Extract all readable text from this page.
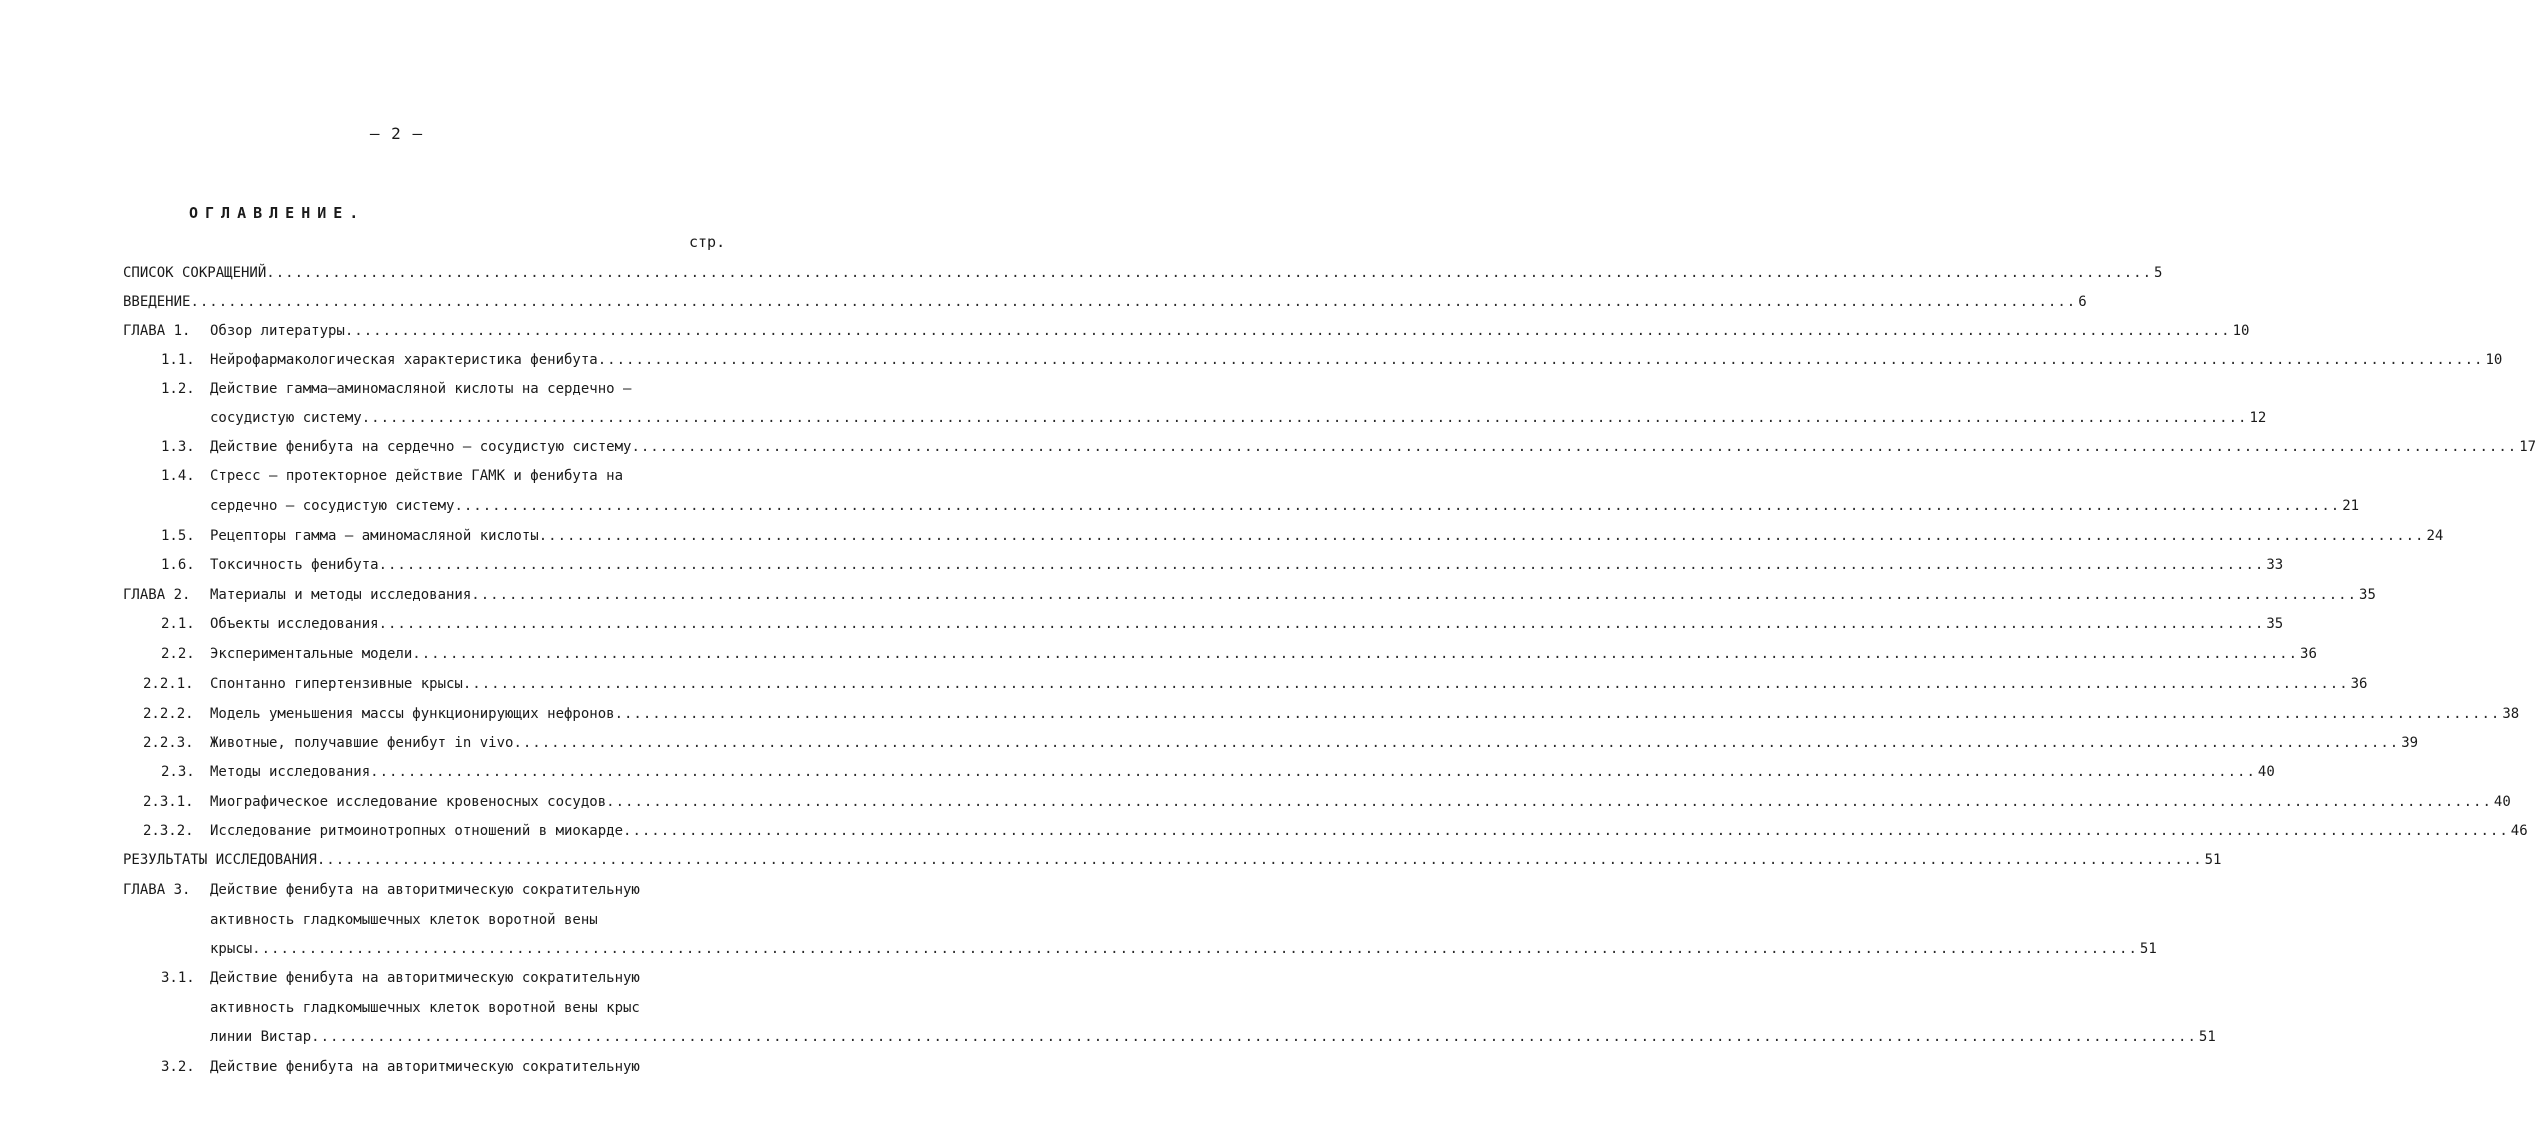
– 2 –
ОГЛАВЛЕНИЕ.
стр.
СПИСОК СОКРАЩЕНИЙ ........................................................................................................................................................................................................ 5
ВВЕДЕНИЕ ........................................................................................................................................................................................................ 6
ГЛАВА 1. Обзор литературы ........................................................................................................................................................................................................ 10
1.1. Нейрофармакологическая характеристика фенибута ........................................................................................................................................................................................................ 10
1.2. Действие гамма–аминомасляной кислоты на сердечно –
сосудистую систему ........................................................................................................................................................................................................ 12
1.3. Действие фенибута на сердечно – сосудистую систему ........................................................................................................................................................................................................ 17
1.4. Стресс – протекторное действие ГАМК и фенибута на
сердечно – сосудистую систему ........................................................................................................................................................................................................ 21
1.5. Рецепторы гамма – аминомасляной кислоты ........................................................................................................................................................................................................ 24
1.6. Токсичность фенибута ........................................................................................................................................................................................................ 33
ГЛАВА 2. Материалы и методы исследования ........................................................................................................................................................................................................ 35
2.1. Объекты исследования ........................................................................................................................................................................................................ 35
2.2. Экспериментальные модели ........................................................................................................................................................................................................ 36
2.2.1. Спонтанно гипертензивные крысы ........................................................................................................................................................................................................ 36
2.2.2. Модель уменьшения массы функционирующих нефронов ........................................................................................................................................................................................................ 38
2.2.3. Животные, получавшие фенибут in vivo ........................................................................................................................................................................................................ 39
2.3. Методы исследования ........................................................................................................................................................................................................ 40
2.3.1. Миографическое исследование кровеносных сосудов ........................................................................................................................................................................................................ 40
2.3.2. Исследование ритмоинотропных отношений в миокарде ........................................................................................................................................................................................................ 46
РЕЗУЛЬТАТЫ ИССЛЕДОВАНИЯ ........................................................................................................................................................................................................ 51
ГЛАВА 3. Действие фенибута на авторитмическую сократительную
активность гладкомышечных клеток воротной вены
крысы ........................................................................................................................................................................................................ 51
3.1. Действие фенибута на авторитмическую сократительную
активность гладкомышечных клеток воротной вены крыс
линии Вистар ........................................................................................................................................................................................................ 51
3.2. Действие фенибута на авторитмическую сократительную
